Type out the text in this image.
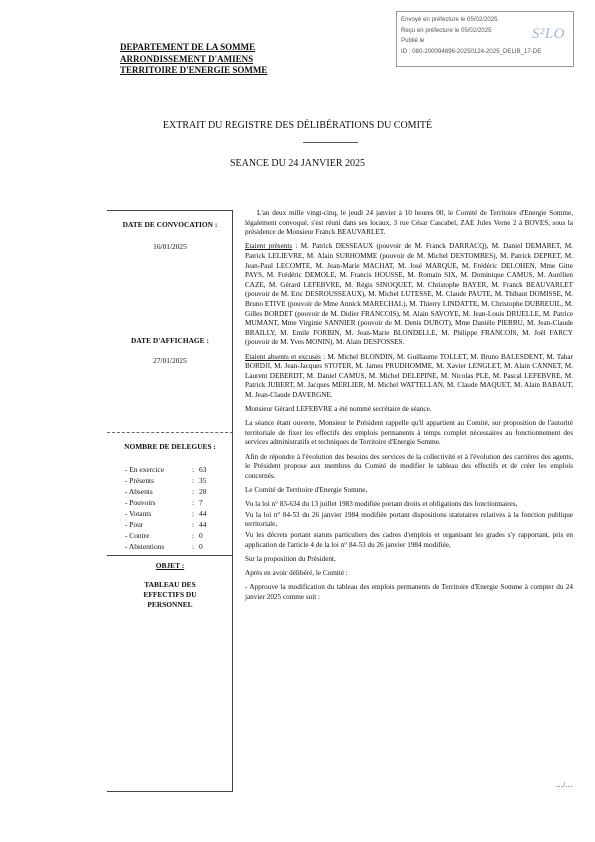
Envoyé en préfecture le 05/02/2025
Reçu en préfecture le 05/02/2025
Publié le
ID : 080-200094896-20250124-2025_DELIB_17-DE
S²LO
DEPARTEMENT DE LA SOMME
ARRONDISSEMENT D'AMIENS
TERRITOIRE D'ENERGIE SOMME
EXTRAIT DU REGISTRE DES DÉLIBÉRATIONS DU COMITÉ
SEANCE DU 24 JANVIER 2025
DATE DE CONVOCATION :
16/01/2025
DATE D'AFFICHAGE :
27/01/2025
NOMBRE DE DELEGUES :
- En exercice	: 63
- Présents	: 35
- Absents	: 28
- Pouvoirs	: 7
- Votants	: 44
- Pour	: 44
- Contre	: 0
- Abstentions	: 0
OBJET :
TABLEAU DES
EFFECTIFS DU
PERSONNEL

L'an deux mille vingt-cinq, le jeudi 24 janvier à 10 heures 00, le Comité de Territoire d'Energie Somme, légalement convoqué, s'est réuni dans ses locaux, 3 rue César Cascabel, ZAE Jules Verne 2 à BOVES, sous la présidence de Monsieur Franck BEAUVARLET.

Etaient présents : M. Patrick DESSEAUX (pouvoir de M. Franck DARRACQ), M. Daniel DEMARET, M. Patrick LELIEVRE, M. Alain SURHOMME (pouvoir de M. Michel DESTOMBES), M. Patrick DEPRET, M. Jean-Paul LECOMTE, M. Jean-Marie MACHAT, M. José MARQUE, M. Frédéric DELOHEN, Mme Gitte PAYS, M. Frédéric DEMOLE, M. Francis HOUSSE, M. Romain SIX, M. Dominique CAMUS, M. Aurélien CAZE, M. Gérard LEFEBVRE, M. Régis SINOQUET, M. Christophe BAYER, M. Franck BEAUVARLET (pouvoir de M. Eric DESROUSSEAUX), M. Michel LUTESSE, M. Claude PAUTE, M. Thibaut DOMISSE, M. Bruno ETIVE (pouvoir de Mme Annick MARECHAL), M. Thierry LINDATTE, M. Christophe DUBREUIL, M. Gilles BORDET (pouvoir de M. Didier FRANCOIS), M. Alain SAVOYE, M. Jean-Louis DRUELLE, M. Patrice MUMANT, Mme Virginie SANNIER (pouvoir de M. Denis DUROT), Mme Danièle PIERRU, M. Jean-Claude BRAILLY, M. Emile FORBIN, M. Jean-Marie BLONDELLE, M. Philippe FRANCOIS, M. Joël FARCY (pouvoir de M. Yves MONIN), M. Alain DESFOSSES.

Etaient absents et excusés : M. Michel BLONDIN, M. Guillaume TOLLET, M. Bruno BALESDENT, M. Tahar BORDJI, M. Jean-Jacques STOTER, M. James PRUDHOMME, M. Xavier LENGLET, M. Alain CANNET, M. Laurent DEBERDT, M. Daniel CAMUS, M. Michel DELEPINE, M. Nicolas PLE, M. Pascal LEFEBVRE, M. Patrick JUBERT, M. Jacques MERLIER, M. Michel WATTELLAN, M. Claude MAQUET, M. Alain BABAUT, M. Jean-Claude DAVERGNE.

Monsieur Gérard LEFEBVRE a été nommé secrétaire de séance.

La séance étant ouverte, Monsieur le Président rappelle qu'il appartient au Comité, sur proposition de l'autorité territoriale de fixer les effectifs des emplois permanents à temps complet nécessaires au fonctionnement des services administratifs et techniques de Territoire d'Energie Somme.

Afin de répondre à l'évolution des besoins des services de la collectivité et à l'évolution des carrières des agents, le Président propose aux membres du Comité de modifier le tableau des effectifs et de créer les emplois concernés.

Le Comité de Territoire d'Energie Somme,

Vu la loi n° 83-634 du 13 juillet 1983 modifiée portant droits et obligations des fonctionnaires,

Vu la loi n° 84-53 du 26 janvier 1984 modifiée portant dispositions statutaires relatives à la fonction publique territoriale,

Vu les décrets portant statuts particuliers des cadres d'emplois et organisant les grades s'y rapportant, pris en application de l'article 4 de la loi n° 84-53 du 26 janvier 1984 modifiée,

Sur la proposition du Président,

Après en avoir délibéré, le Comité :

- Approuve la modification du tableau des emplois permanents de Territoire d'Energie Somme à compter du 24 janvier 2025 comme suit :

…/…
